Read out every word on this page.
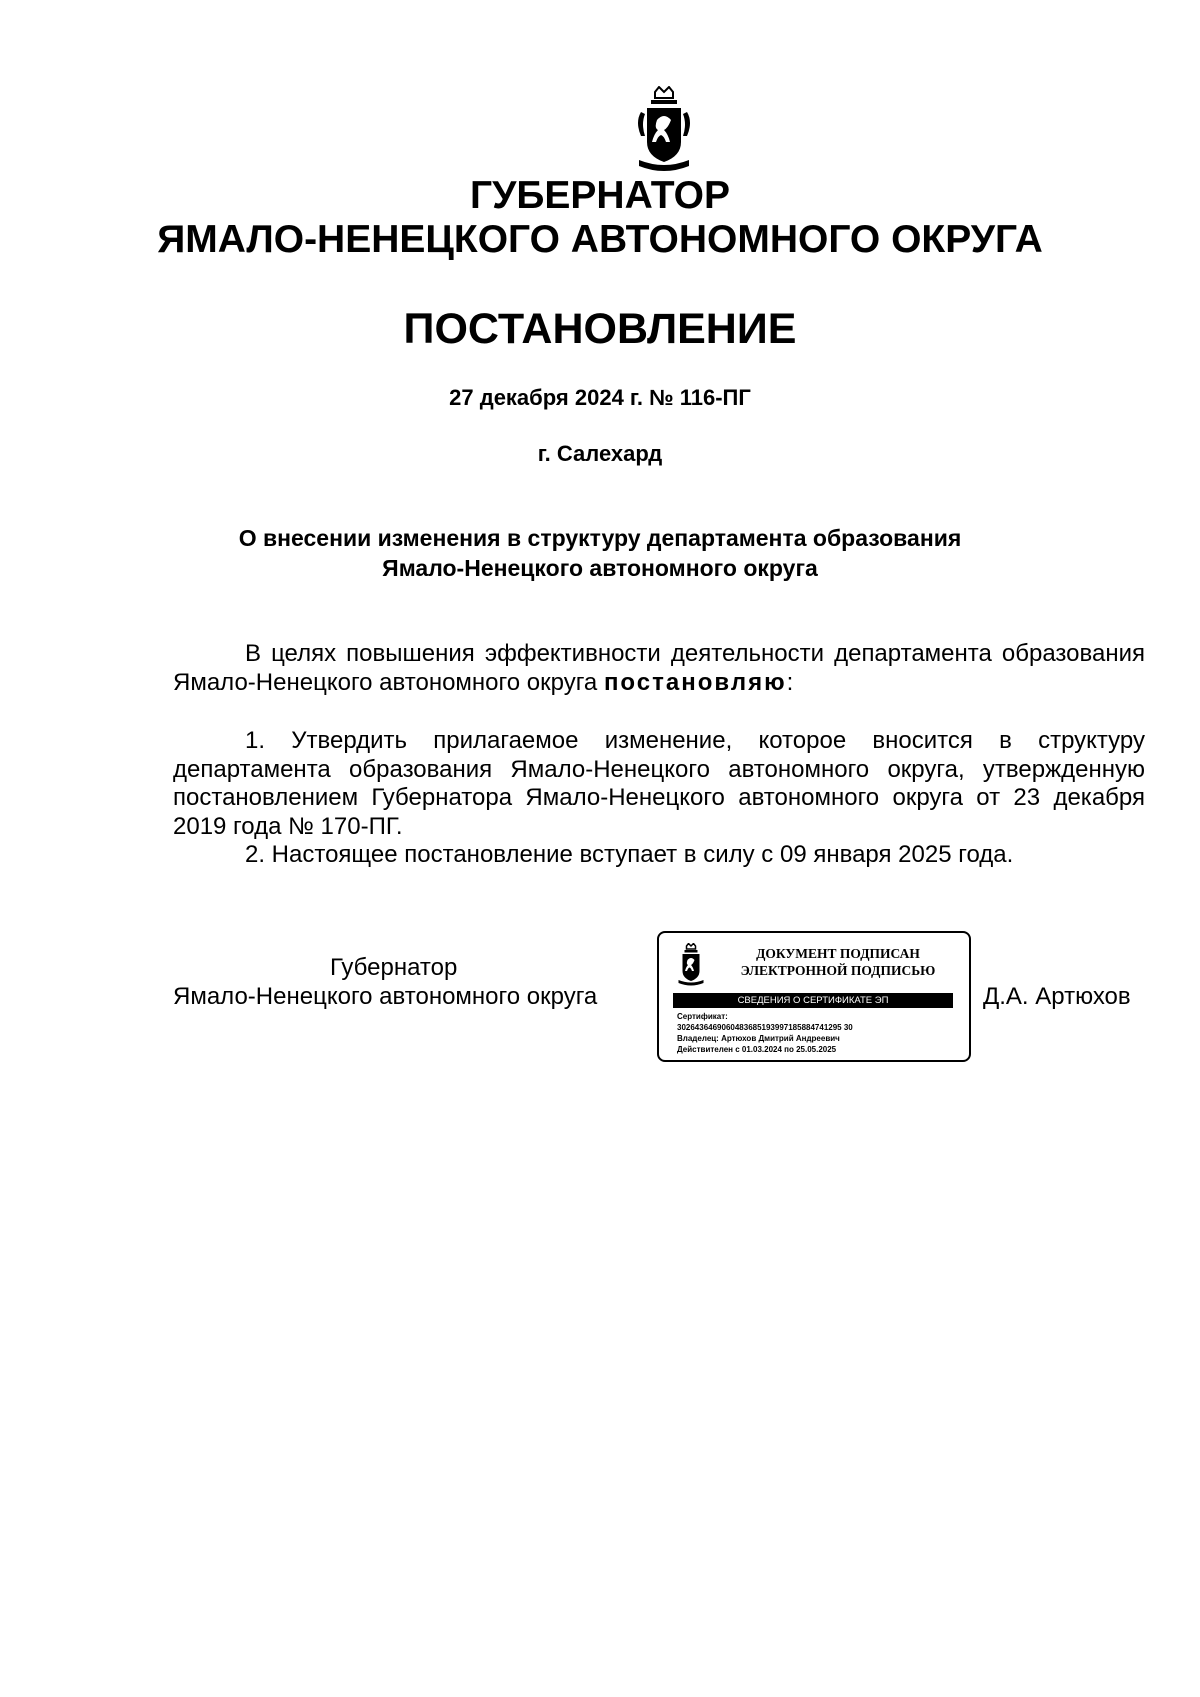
ГУБЕРНАТОР
ЯМАЛО-НЕНЕЦКОГО АВТОНОМНОГО ОКРУГА
ПОСТАНОВЛЕНИЕ
27 декабря 2024 г. № 116-ПГ
г. Салехард
О внесении изменения в структуру департамента образования
Ямало-Ненецкого автономного округа

В целях повышения эффективности деятельности департамента образования Ямало-Ненецкого автономного округа постановляю:

1. Утвердить прилагаемое изменение, которое вносится в структуру департамента образования Ямало-Ненецкого автономного округа, утвержденную постановлением Губернатора Ямало-Ненецкого автономного округа от 23 декабря 2019 года № 170-ПГ.

2. Настоящее постановление вступает в силу с 09 января 2025 года.

Губернатор
Ямало-Ненецкого автономного округа
ДОКУМЕНТ ПОДПИСАН
ЭЛЕКТРОННОЙ ПОДПИСЬЮ
СВЕДЕНИЯ О СЕРТИФИКАТЕ ЭП
Сертификат:
3026436469060483685193997185884741295 30
Владелец: Артюхов Дмитрий Андреевич
Действителен с 01.03.2024 по 25.05.2025
Д.А. Артюхов
